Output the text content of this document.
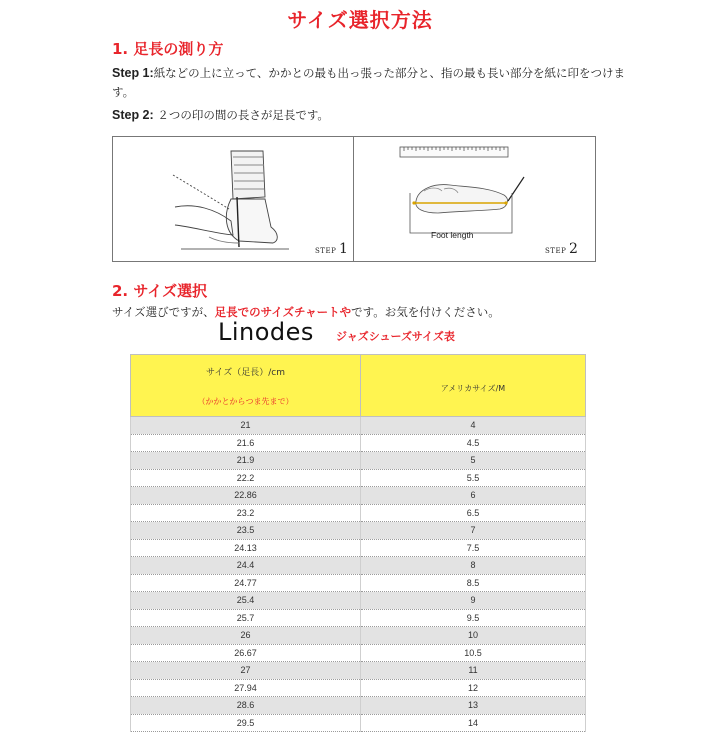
サイズ選択方法
1. 足長の測り方
Step 1:紙などの上に立って、かかとの最も出っ張った部分と、指の最も長い部分を紙に印をつけます。
Step 2: ２つの印の間の長さが足長です。
STEP 1
Foot length
STEP 2
2. サイズ選択
サイズ選びですが、足長でのサイズチャートやです。お気を付けください。
Linodes ジャズシューズサイズ表
サイズ（足長）/cm
（かかとからつま先まで）	アメリカサイズ/M
21	4
21.6	4.5
21.9	5
22.2	5.5
22.86	6
23.2	6.5
23.5	7
24.13	7.5
24.4	8
24.77	8.5
25.4	9
25.7	9.5
26	10
26.67	10.5
27	11
27.94	12
28.6	13
29.5	14
